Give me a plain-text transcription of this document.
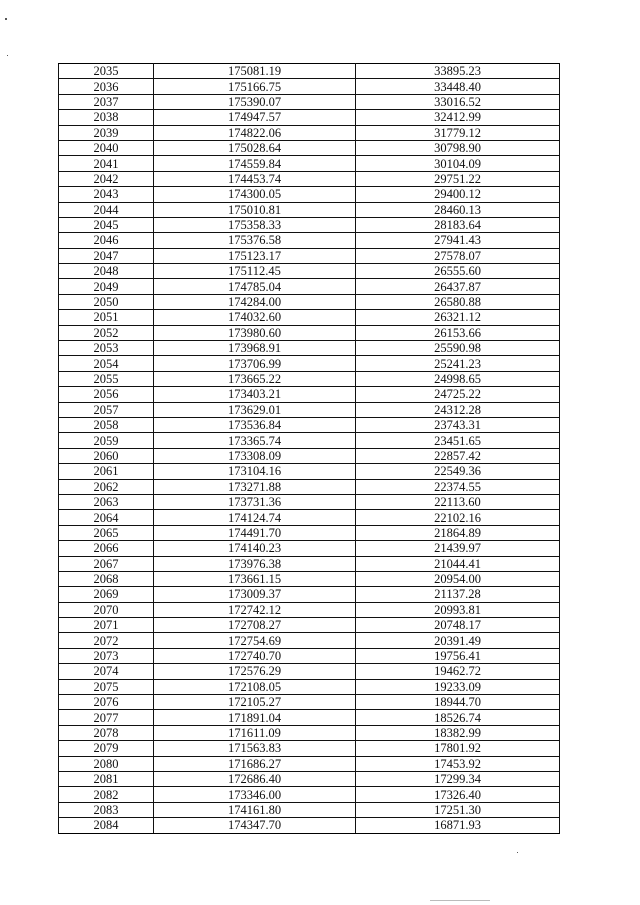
2035	175081.19	33895.23
2036	175166.75	33448.40
2037	175390.07	33016.52
2038	174947.57	32412.99
2039	174822.06	31779.12
2040	175028.64	30798.90
2041	174559.84	30104.09
2042	174453.74	29751.22
2043	174300.05	29400.12
2044	175010.81	28460.13
2045	175358.33	28183.64
2046	175376.58	27941.43
2047	175123.17	27578.07
2048	175112.45	26555.60
2049	174785.04	26437.87
2050	174284.00	26580.88
2051	174032.60	26321.12
2052	173980.60	26153.66
2053	173968.91	25590.98
2054	173706.99	25241.23
2055	173665.22	24998.65
2056	173403.21	24725.22
2057	173629.01	24312.28
2058	173536.84	23743.31
2059	173365.74	23451.65
2060	173308.09	22857.42
2061	173104.16	22549.36
2062	173271.88	22374.55
2063	173731.36	22113.60
2064	174124.74	22102.16
2065	174491.70	21864.89
2066	174140.23	21439.97
2067	173976.38	21044.41
2068	173661.15	20954.00
2069	173009.37	21137.28
2070	172742.12	20993.81
2071	172708.27	20748.17
2072	172754.69	20391.49
2073	172740.70	19756.41
2074	172576.29	19462.72
2075	172108.05	19233.09
2076	172105.27	18944.70
2077	171891.04	18526.74
2078	171611.09	18382.99
2079	171563.83	17801.92
2080	171686.27	17453.92
2081	172686.40	17299.34
2082	173346.00	17326.40
2083	174161.80	17251.30
2084	174347.70	16871.93
